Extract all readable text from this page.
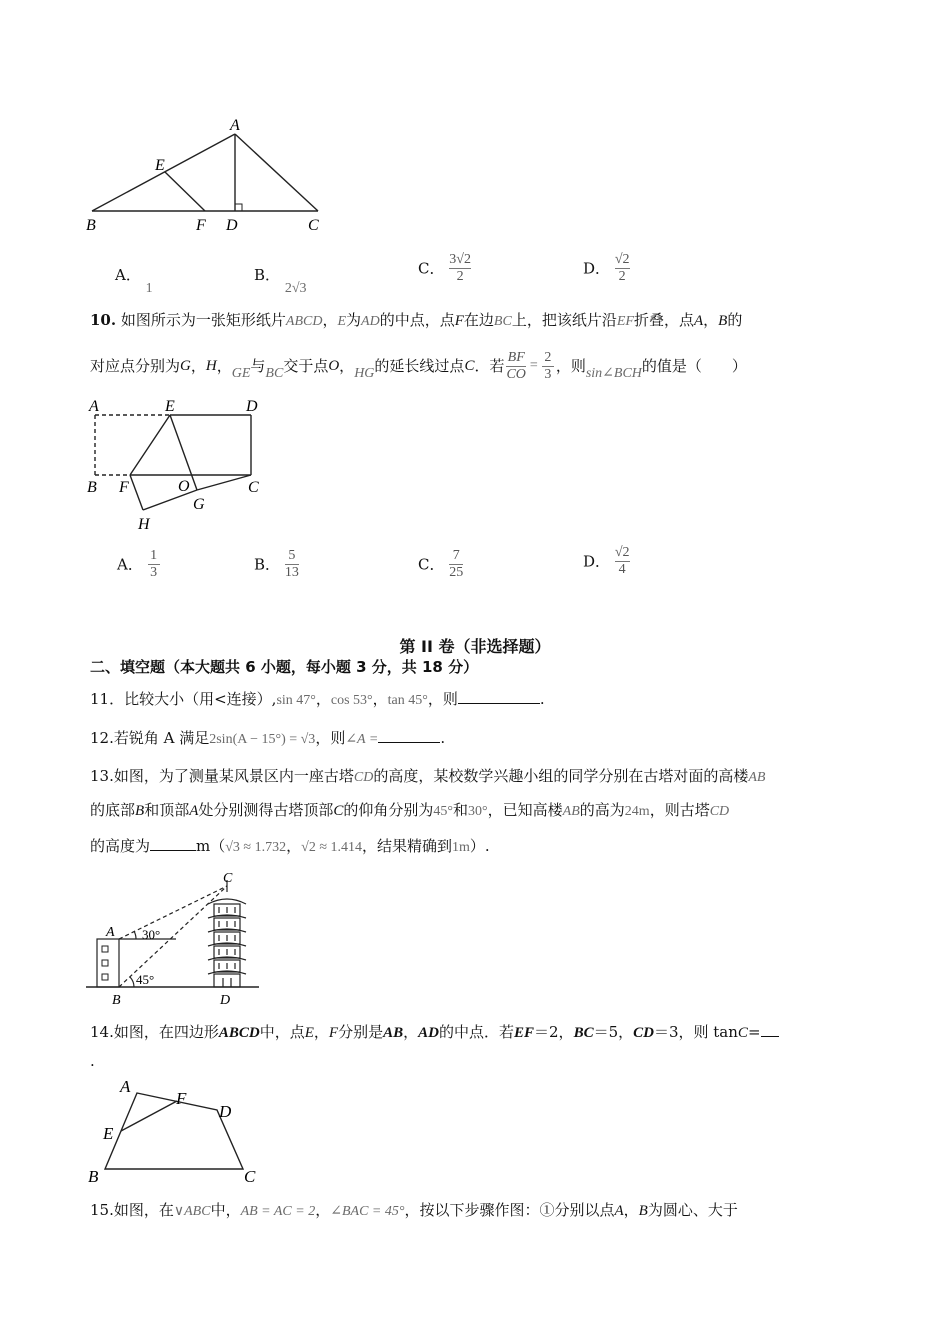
A
E
B	F D	C
A． 1
B． 2√3
C． $\frac{3√2}{2}$	D． $\frac{√2}{2}$
10. 如图所示为一张矩形纸片ABCD，E为AD的中点，点F在边BC上，把该纸片沿EF折叠，点A，B的
对应点分别为 G ， H ， GE 与 BC 交于点 O ， HG 的延长线过点 C ．若 $\frac{BF}{CO} = \frac{2}{3}$ ，则 sin∠BCH 的值是（　　）
A	E	D
B F	O
G
C
H
A． $\frac{1}{3}$	B． $\frac{5}{13}$	C． $\frac{7}{25}$	D． $\frac{√2}{4}$
第 II 卷（非选择题）
二、填空题（本大题共 6 小题，每小题 3 分，共 18 分）
11．比较大小（用<连接）,sin 47°，cos 53°，tan 45°，则	.
12.若锐角 A 满足2sin(A − 15°) = √3，则∠A =	.
13.如图，为了测量某风景区内一座古塔CD的高度，某校数学兴趣小组的同学分别在古塔对面的高楼AB
的底部B和顶部A处分别测得古塔顶部C的仰角分别为45°和30°，已知高楼AB的高为24m，则古塔CD
的高度为	m（√3 ≈ 1.732，√2 ≈ 1.414，结果精确到1m）.
C
A 30°
45°
B	D
14.如图，在四边形ABCD中，点E，F分别是AB，AD的中点．若EF＝2，BC＝5，CD＝3，则 tanC=
.
A
F
D
E
B	C
15.如图，在∨ABC中，AB = AC = 2，∠BAC = 45°，按以下步骤作图：①分别以点A，B为圆心、大于
